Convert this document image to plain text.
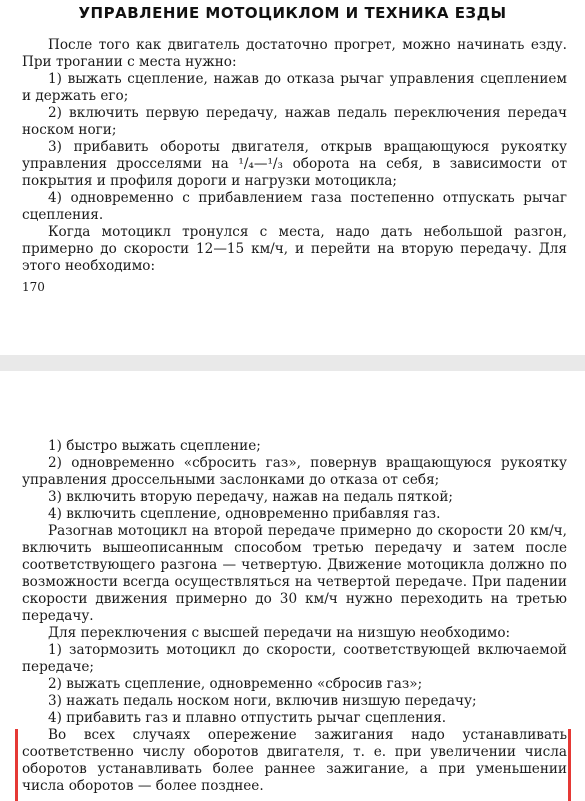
УПРАВЛЕНИЕ МОТОЦИКЛОМ И ТЕХНИКА ЕЗДЫ

После того как двигатель достаточно прогрет, можно начинать езду. При трогании с места нужно:

1) выжать сцепление, нажав до отказа рычаг управления сцеплением и держать его;

2) включить первую передачу, нажав педаль переключения передач носком ноги;

3) прибавить обороты двигателя, открыв вращающуюся рукоятку управления дросселями на ¹/₄—¹/₃ оборота на себя, в зависимости от покрытия и профиля дороги и нагрузки мотоцикла;

4) одновременно с прибавлением газа постепенно отпускать рычаг сцепления.

Когда мотоцикл тронулся с места, надо дать небольшой разгон, примерно до скорости 12—15 км/ч, и перейти на вторую передачу. Для этого необходимо:

170

1) быстро выжать сцепление;

2) одновременно «сбросить газ», повернув вращающуюся рукоятку управления дроссельными заслонками до отказа от себя;

3) включить вторую передачу, нажав на педаль пяткой;

4) включить сцепление, одновременно прибавляя газ.

Разогнав мотоцикл на второй передаче примерно до скорости 20 км/ч, включить вышеописанным способом третью передачу и затем после соответствующего разгона — четвертую. Движение мотоцикла должно по возможности всегда осуществляться на четвертой передаче. При падении скорости движения примерно до 30 км/ч нужно переходить на третью передачу.

Для переключения с высшей передачи на низшую необходимо:

1) затормозить мотоцикл до скорости, соответствующей включаемой передаче;

2) выжать сцепление, одновременно «сбросив газ»;

3) нажать педаль носком ноги, включив низшую передачу;

4) прибавить газ и плавно отпустить рычаг сцепления.

Во всех случаях опережение зажигания надо устанавливать соответственно числу оборотов двигателя, т. е. при увеличении числа оборотов устанавливать более раннее зажигание, а при уменьшении числа оборотов — более позднее.
